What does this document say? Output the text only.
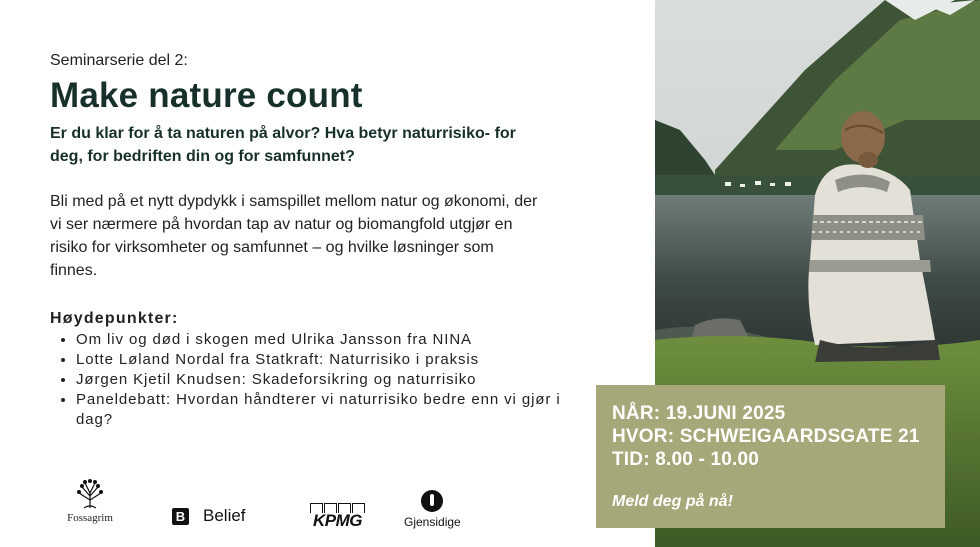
Seminarserie del 2:
Make nature count
Er du klar for å ta naturen på alvor? Hva betyr naturrisiko- for deg, for bedriften din og for samfunnet?
Bli med på et nytt dypdykk i samspillet mellom natur og økonomi, der vi ser nærmere på hvordan tap av natur og biomangfold utgjør en risiko for virksomheter og samfunnet – og hvilke løsninger som finnes.
Høydepunkter:
• Om liv og død i skogen med Ulrika Jansson fra NINA
• Lotte Løland Nordal fra Statkraft: Naturrisiko i praksis
• Jørgen Kjetil Knudsen: Skadeforsikring og naturrisiko
• Paneldebatt: Hvordan håndterer vi naturrisiko bedre enn vi gjør i dag?
Fossagrim	B Belief	KPMG	Gjensidige
NÅR: 19.JUNI 2025
HVOR: SCHWEIGAARDSGATE 21
TID: 8.00 - 10.00
Meld deg på nå!
